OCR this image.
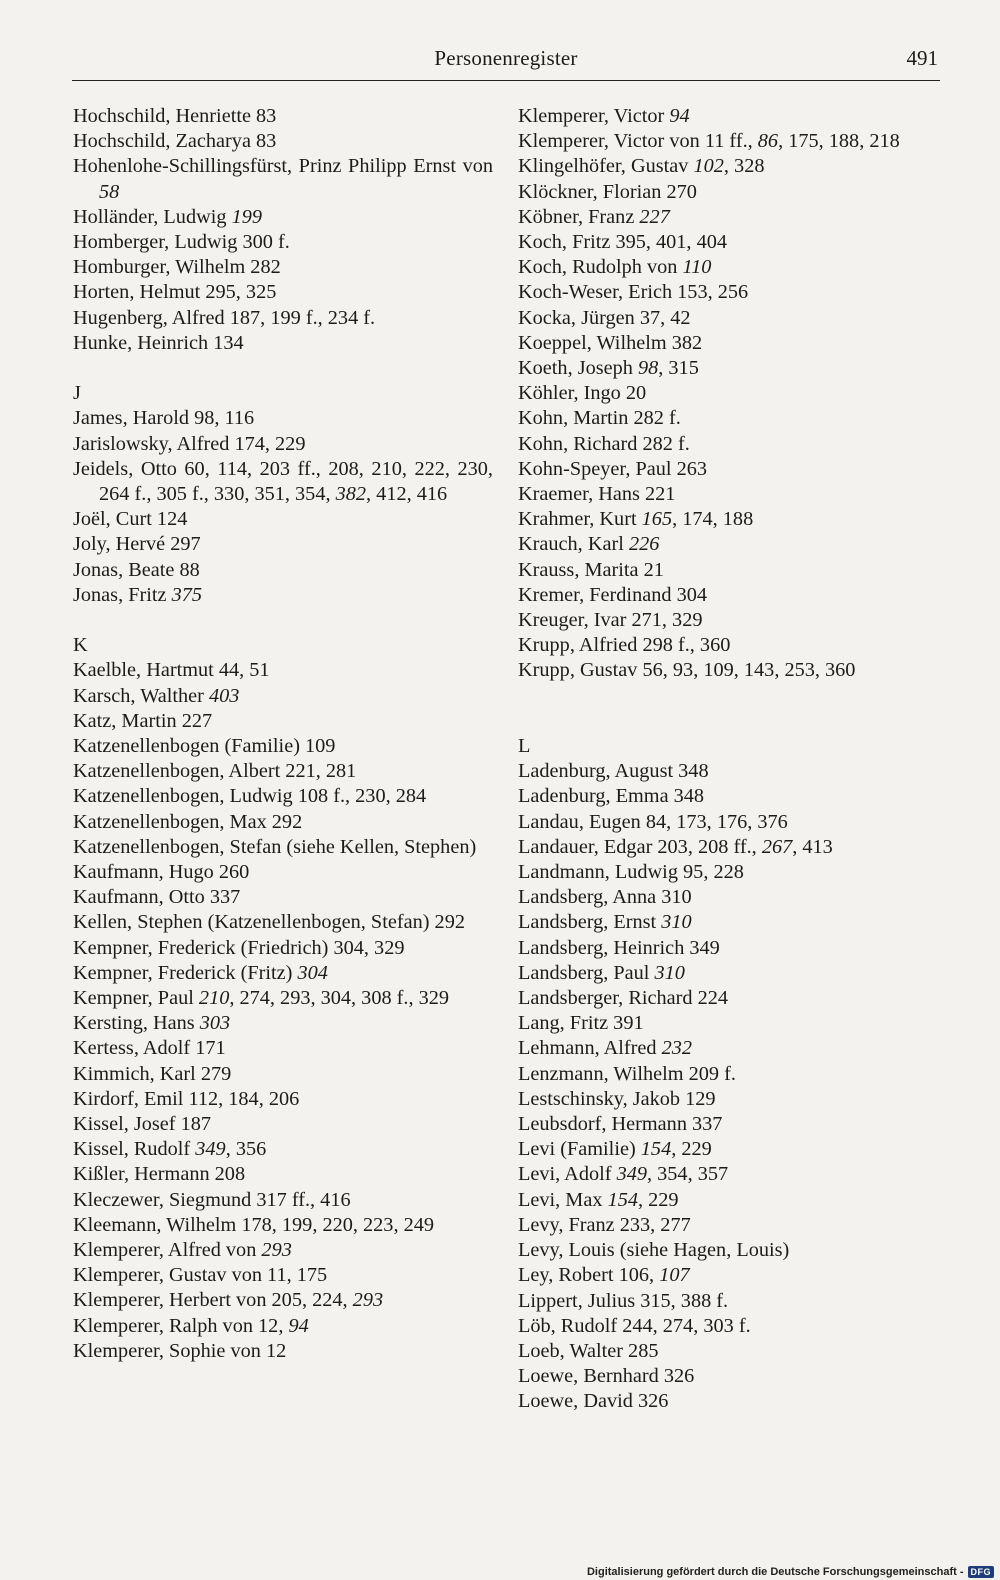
Personenregister	491

Hochschild, Henriette 83

Hochschild, Zacharya 83

Hohenlohe-Schillingsfürst, Prinz Philipp Ernst von 58

Holländer, Ludwig 199

Homberger, Ludwig 300 f.

Homburger, Wilhelm 282

Horten, Helmut 295, 325

Hugenberg, Alfred 187, 199 f., 234 f.

Hunke, Heinrich 134

J

James, Harold 98, 116

Jarislowsky, Alfred 174, 229

Jeidels, Otto 60, 114, 203 ff., 208, 210, 222, 230, 264 f., 305 f., 330, 351, 354, 382, 412, 416

Joël, Curt 124

Joly, Hervé 297

Jonas, Beate 88

Jonas, Fritz 375

K

Kaelble, Hartmut 44, 51

Karsch, Walther 403

Katz, Martin 227

Katzenellenbogen (Familie) 109

Katzenellenbogen, Albert 221, 281

Katzenellenbogen, Ludwig 108 f., 230, 284

Katzenellenbogen, Max 292

Katzenellenbogen, Stefan (siehe Kellen, Stephen)

Kaufmann, Hugo 260

Kaufmann, Otto 337

Kellen, Stephen (Katzenellenbogen, Stefan) 292

Kempner, Frederick (Friedrich) 304, 329

Kempner, Frederick (Fritz) 304

Kempner, Paul 210, 274, 293, 304, 308 f., 329

Kersting, Hans 303

Kertess, Adolf 171

Kimmich, Karl 279

Kirdorf, Emil 112, 184, 206

Kissel, Josef 187

Kissel, Rudolf 349, 356

Kißler, Hermann 208

Kleczewer, Siegmund 317 ff., 416

Kleemann, Wilhelm 178, 199, 220, 223, 249

Klemperer, Alfred von 293

Klemperer, Gustav von 11, 175

Klemperer, Herbert von 205, 224, 293

Klemperer, Ralph von 12, 94

Klemperer, Sophie von 12

Klemperer, Victor 94

Klemperer, Victor von 11 ff., 86, 175, 188, 218

Klingelhöfer, Gustav 102, 328

Klöckner, Florian 270

Köbner, Franz 227

Koch, Fritz 395, 401, 404

Koch, Rudolph von 110

Koch-Weser, Erich 153, 256

Kocka, Jürgen 37, 42

Koeppel, Wilhelm 382

Koeth, Joseph 98, 315

Köhler, Ingo 20

Kohn, Martin 282 f.

Kohn, Richard 282 f.

Kohn-Speyer, Paul 263

Kraemer, Hans 221

Krahmer, Kurt 165, 174, 188

Krauch, Karl 226

Krauss, Marita 21

Kremer, Ferdinand 304

Kreuger, Ivar 271, 329

Krupp, Alfried 298 f., 360

Krupp, Gustav 56, 93, 109, 143, 253, 360

L

Ladenburg, August 348

Ladenburg, Emma 348

Landau, Eugen 84, 173, 176, 376

Landauer, Edgar 203, 208 ff., 267, 413

Landmann, Ludwig 95, 228

Landsberg, Anna 310

Landsberg, Ernst 310

Landsberg, Heinrich 349

Landsberg, Paul 310

Landsberger, Richard 224

Lang, Fritz 391

Lehmann, Alfred 232

Lenzmann, Wilhelm 209 f.

Lestschinsky, Jakob 129

Leubsdorf, Hermann 337

Levi (Familie) 154, 229

Levi, Adolf 349, 354, 357

Levi, Max 154, 229

Levy, Franz 233, 277

Levy, Louis (siehe Hagen, Louis)

Ley, Robert 106, 107

Lippert, Julius 315, 388 f.

Löb, Rudolf 244, 274, 303 f.

Loeb, Walter 285

Loewe, Bernhard 326

Loewe, David 326

Digitalisierung gefördert durch die Deutsche Forschungsgemeinschaft - DFG
